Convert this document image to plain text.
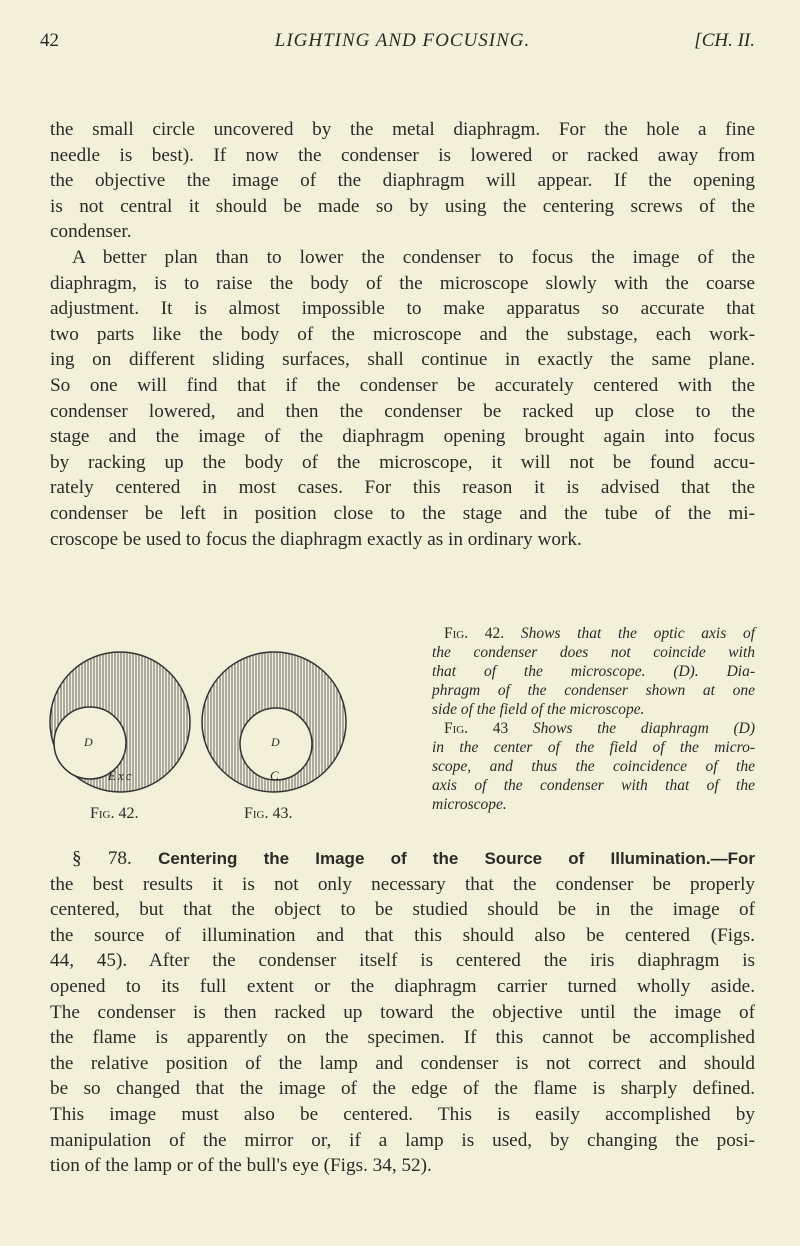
42	LIGHTING AND FOCUSING.	[CH. II.
the small circle uncovered by the metal diaphragm. For the hole a fine
needle is best). If now the condenser is lowered or racked away from
the objective the image of the diaphragm will appear. If the opening
is not central it should be made so by using the centering screws of the
condenser.
A better plan than to lower the condenser to focus the image of the
diaphragm, is to raise the body of the microscope slowly with the coarse
adjustment. It is almost impossible to make apparatus so accurate that
two parts like the body of the microscope and the substage, each work-
ing on different sliding surfaces, shall continue in exactly the same plane.
So one will find that if the condenser be accurately centered with the
condenser lowered, and then the condenser be racked up close to the
stage and the image of the diaphragm opening brought again into focus
by racking up the body of the microscope, it will not be found accu-
rately centered in most cases. For this reason it is advised that the
condenser be left in position close to the stage and the tube of the mi-
croscope be used to focus the diaphragm exactly as in ordinary work.
D	D
Exc	C
Fig. 42.	Fig. 43.
Fig. 42. Shows that the optic axis of
the condenser does not coincide with
that of the microscope. (D). Dia-
phragm of the condenser shown at one
side of the field of the microscope.
Fig. 43 Shows the diaphragm (D)
in the center of the field of the micro-
scope, and thus the coincidence of the
axis of the condenser with that of the
microscope.
§ 78. Centering the Image of the Source of Illumination.—For
the best results it is not only necessary that the condenser be properly
centered, but that the object to be studied should be in the image of
the source of illumination and that this should also be centered (Figs.
44, 45). After the condenser itself is centered the iris diaphragm is
opened to its full extent or the diaphragm carrier turned wholly aside.
The condenser is then racked up toward the objective until the image of
the flame is apparently on the specimen. If this cannot be accomplished
the relative position of the lamp and condenser is not correct and should
be so changed that the image of the edge of the flame is sharply defined.
This image must also be centered. This is easily accomplished by
manipulation of the mirror or, if a lamp is used, by changing the posi-
tion of the lamp or of the bull's eye (Figs. 34, 52).
